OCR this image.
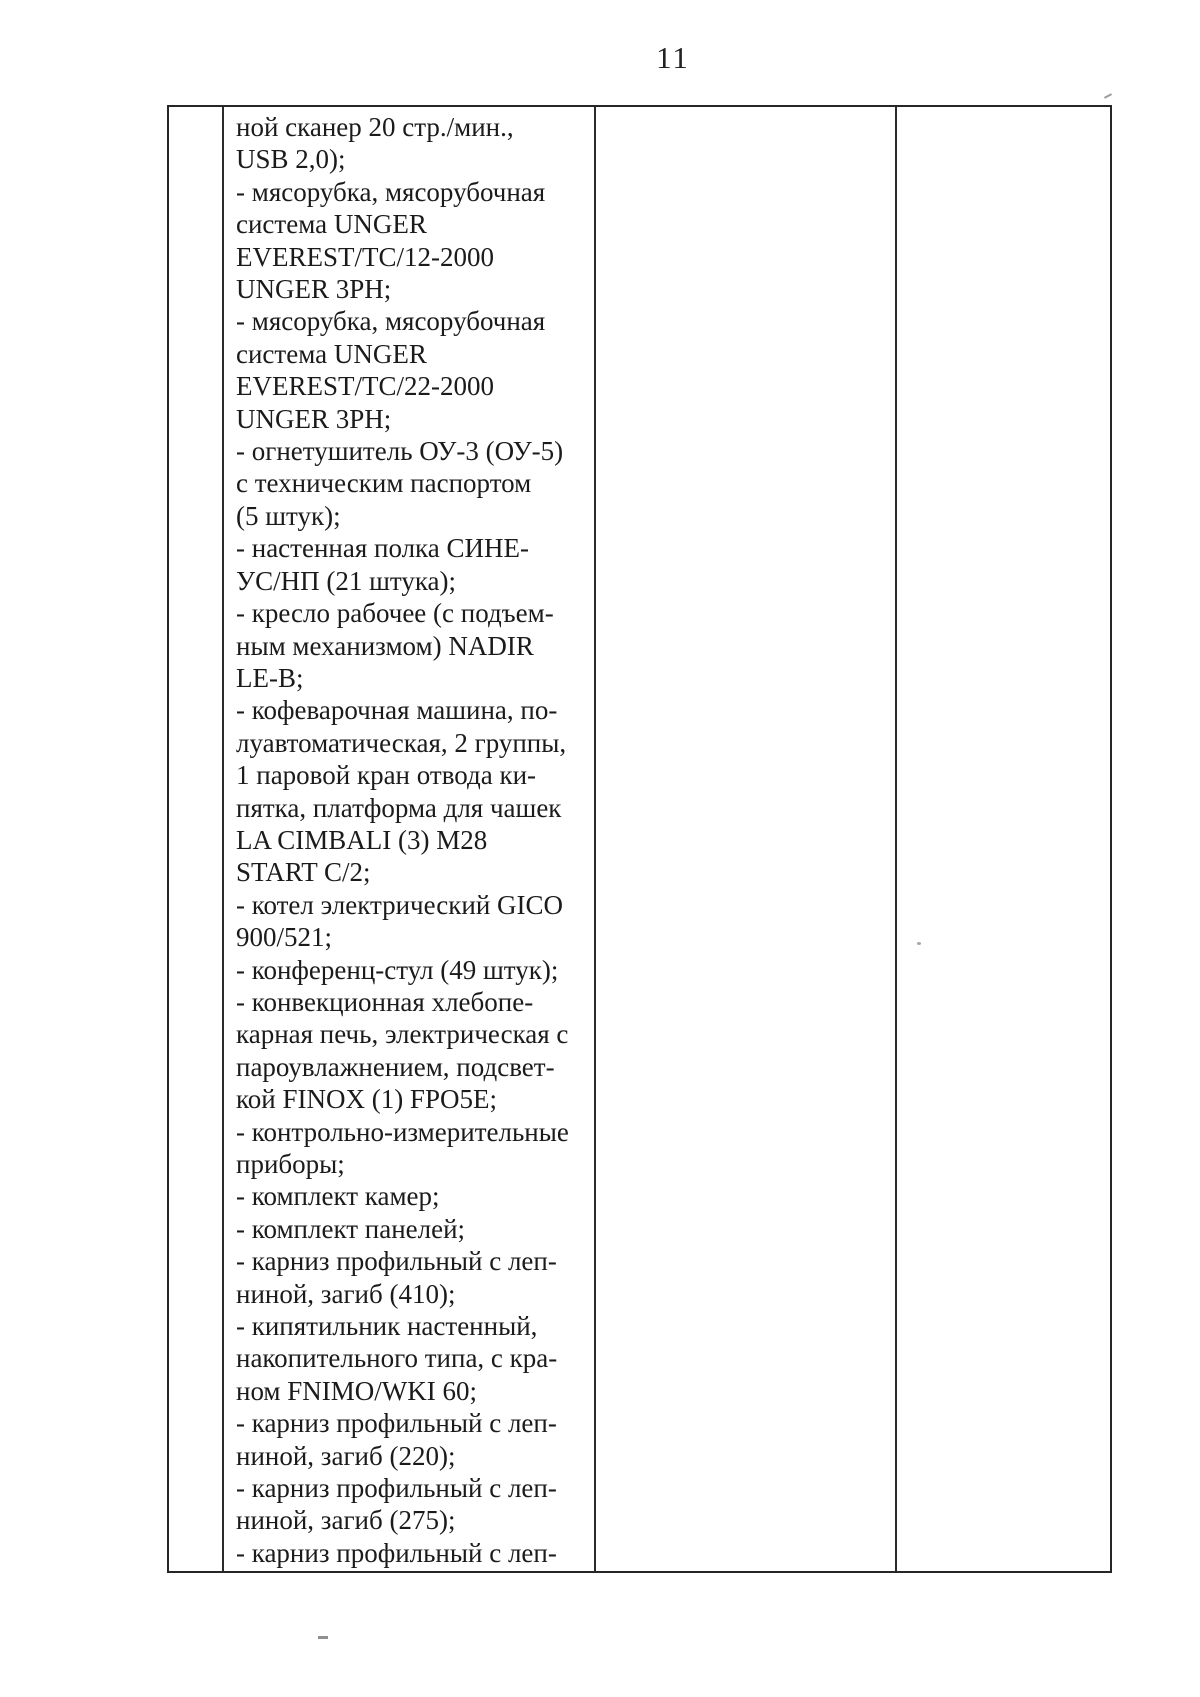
11
ной сканер 20 стр./мин.,
USB 2,0);
- мясорубка, мясорубочная
система UNGER
EVEREST/TC/12-2000
UNGER 3PH;
- мясорубка, мясорубочная
система UNGER
EVEREST/TC/22-2000
UNGER 3PH;
- огнетушитель ОУ-3 (ОУ-5)
с техническим паспортом
(5 штук);
- настенная полка СИНЕ-
УС/НП (21 штука);
- кресло рабочее (с подъем-
ным механизмом) NADIR
LE-B;
- кофеварочная машина, по-
луавтоматическая, 2 группы,
1 паровой кран отвода ки-
пятка, платформа для чашек
LA CIMBALI (3) M28
START C/2;
- котел электрический GICO
900/521;
- конференц-стул (49 штук);
- конвекционная хлебопе-
карная печь, электрическая с
пароувлажнением, подсвет-
кой FINOX (1) FPO5E;
- контрольно-измерительные
приборы;
- комплект камер;
- комплект панелей;
- карниз профильный с леп-
ниной, загиб (410);
- кипятильник настенный,
накопительного типа, с кра-
ном FNIMO/WKI 60;
- карниз профильный с леп-
ниной, загиб (220);
- карниз профильный с леп-
ниной, загиб (275);
- карниз профильный с леп-
